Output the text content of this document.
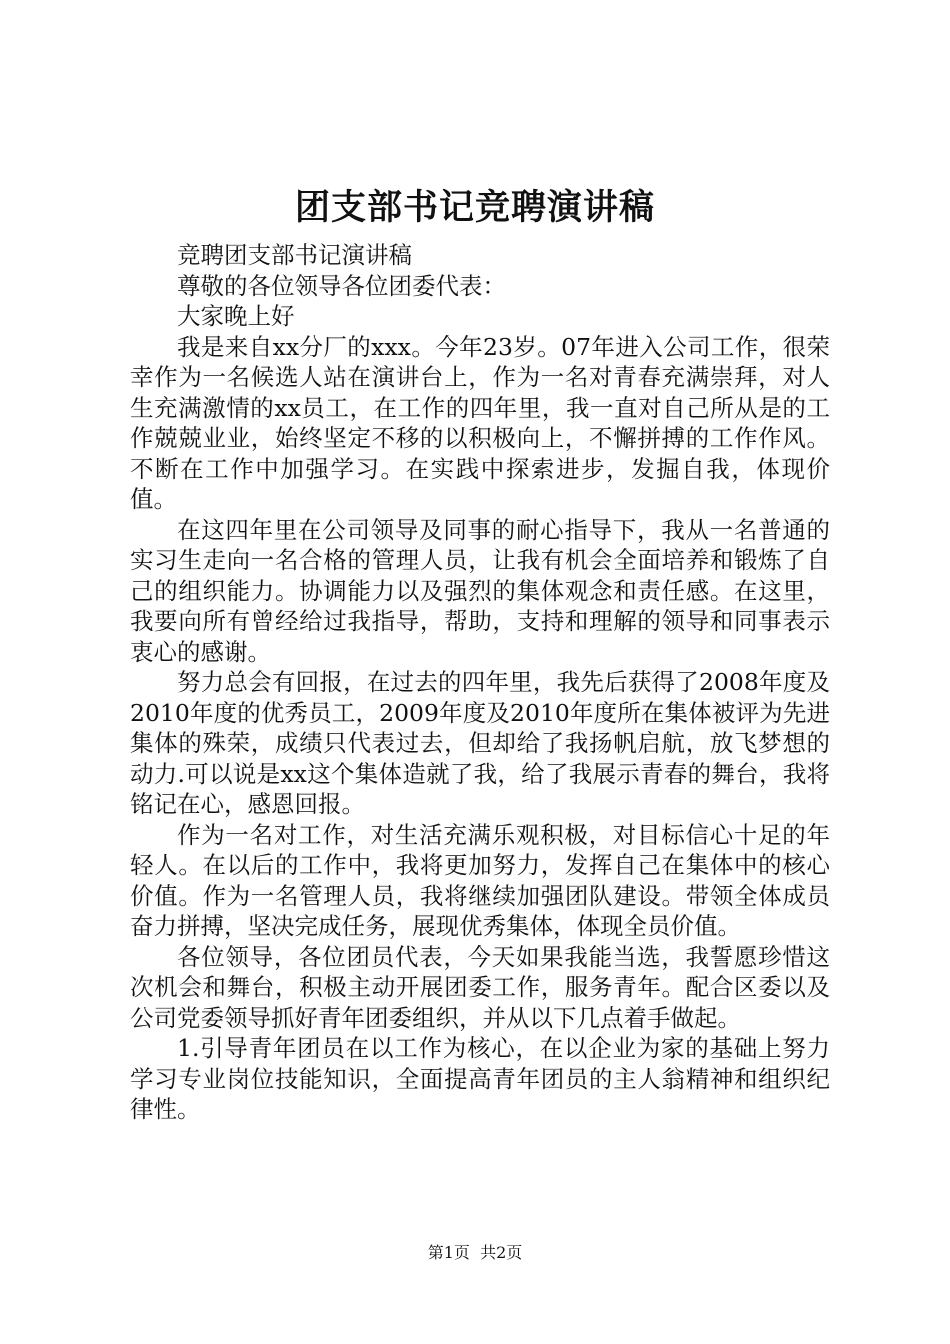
团支部书记竞聘演讲稿

竞聘团支部书记演讲稿

尊敬的各位领导各位团委代表：

大家晚上好

我是来自xx分厂的xxx。今年23岁。07年进入公司工作，很荣幸作为一名候选人站在演讲台上，作为一名对青春充满崇拜，对人生充满激情的xx员工，在工作的四年里，我一直对自己所从是的工作兢兢业业，始终坚定不移的以积极向上，不懈拼搏的工作作风。不断在工作中加强学习。在实践中探索进步，发掘自我，体现价值。

在这四年里在公司领导及同事的耐心指导下，我从一名普通的实习生走向一名合格的管理人员，让我有机会全面培养和锻炼了自己的组织能力。协调能力以及强烈的集体观念和责任感。在这里，我要向所有曾经给过我指导，帮助，支持和理解的领导和同事表示衷心的感谢。

努力总会有回报，在过去的四年里，我先后获得了2008年度及2010年度的优秀员工，2009年度及2010年度所在集体被评为先进集体的殊荣，成绩只代表过去，但却给了我扬帆启航，放飞梦想的动力.可以说是xx这个集体造就了我，给了我展示青春的舞台，我将铭记在心，感恩回报。

作为一名对工作，对生活充满乐观积极，对目标信心十足的年轻人。在以后的工作中，我将更加努力，发挥自己在集体中的核心价值。作为一名管理人员，我将继续加强团队建设。带领全体成员奋力拼搏，坚决完成任务，展现优秀集体，体现全员价值。

各位领导，各位团员代表，今天如果我能当选，我誓愿珍惜这次机会和舞台，积极主动开展团委工作，服务青年。配合区委以及公司党委领导抓好青年团委组织，并从以下几点着手做起。

1.引导青年团员在以工作为核心，在以企业为家的基础上努力学习专业岗位技能知识，全面提高青年团员的主人翁精神和组织纪律性。

第1页  共2页
